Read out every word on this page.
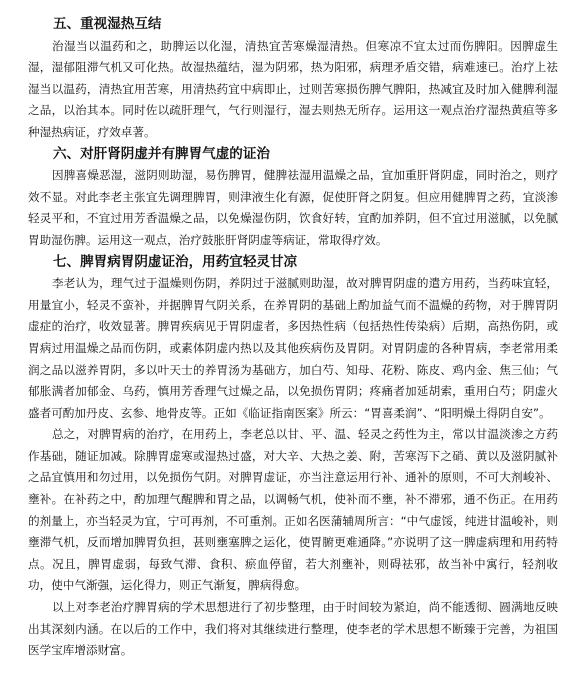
五、重视湿热互结

治湿当以温药和之，助脾运以化湿，清热宜苦寒燥湿清热。但寒凉不宜太过而伤脾阳。因脾虚生湿，湿郁阻滞气机又可化热。故湿热蕴结，湿为阴邪，热为阳邪，病理矛盾交错，病难速已。治疗上祛湿当以温药，清热宜用苦寒，用清热药宜中病即止，过则苦寒损伤脾气脾阳，热减宜及时加入健脾利湿之品，以治其本。同时佐以疏肝理气，气行则湿行，湿去则热无所存。运用这一观点治疗湿热黄疸等多种湿热病证，疗效卓著。

六、对肝肾阴虚并有脾胃气虚的证治

因脾喜燥恶湿，滋阴则助湿，易伤脾胃，健脾祛湿用温燥之品，宜加重肝肾阴虚，同时治之，则疗效不显。对此李老主张宜先调理脾胃，则津液生化有源，促使肝肾之阴复。但应用健脾胃之药，宜淡渗轻灵平和，不宜过用芳香温燥之品，以免燥湿伤阴，饮食好转，宜酌加养阴，但不宜过用滋腻，以免腻胃助湿伤脾。运用这一观点，治疗鼓胀肝肾阴虚等病证，常取得疗效。

七、脾胃病胃阴虚证治，用药宜轻灵甘凉

李老认为，理气过于温燥则伤阴，养阴过于滋腻则助湿，故对脾胃阴虚的遣方用药，当药味宜轻，用量宜小，轻灵不蛮补，并据脾胃气阴关系，在养胃阴的基础上酌加益气而不温燥的药物，对于脾胃阴虚症的治疗，收效显著。脾胃疾病见于胃阴虚者，多因热性病（包括热性传染病）后期，高热伤阴，或胃病过用温燥之品而伤阴，或素体阴虚内热以及其他疾病伤及胃阴。对胃阴虚的各种胃病，李老常用柔润之品以滋养胃阴，多以叶天士的养胃汤为基础方，加白芍、知母、花粉、陈皮、鸡内金、焦三仙；气郁胀满者加郁金、乌药，慎用芳香理气过燥之品，以免损伤胃阴；疼痛者加延胡索，重用白芍；阴虚火盛者可酌加丹皮、玄参、地骨皮等。正如《临证指南医案》所云：“胃喜柔润”、“阳明燥土得阴自安”。

总之，对脾胃病的治疗，在用药上，李老总以甘、平、温、轻灵之药性为主，常以甘温淡渗之方药作基础，随证加减。除脾胃虚寒或湿热过盛，对大辛、大热之姜、附，苦寒泻下之硝、黄以及滋阴腻补之品宜慎用和勿过用，以免损伤气阴。对脾胃虚证，亦当注意运用行补、通补的原则，不可大剂峻补、壅补。在补药之中，酌加理气醒脾和胃之品，以调畅气机，使补而不壅，补不滞邪，通不伤正。在用药的剂量上，亦当轻灵为宜，宁可再剂，不可重剂。正如名医蒲辅周所言：“中气虚馁，纯进甘温峻补，则壅滞气机，反而增加脾胃负担，甚则壅塞脾之运化，使胃腑更难通降。”亦说明了这一脾虚病理和用药特点。况且，脾胃虚弱，每致气滞、食积、瘀血停留，若大剂壅补，则碍祛邪，故当补中寓行，轻剂收功，使中气渐强，运化得力，则正气渐复，脾病得愈。

以上对李老治疗脾胃病的学术思想进行了初步整理，由于时间较为紧迫，尚不能透彻、圆满地反映出其深刻内涵。在以后的工作中，我们将对其继续进行整理，使李老的学术思想不断臻于完善，为祖国医学宝库增添财富。
